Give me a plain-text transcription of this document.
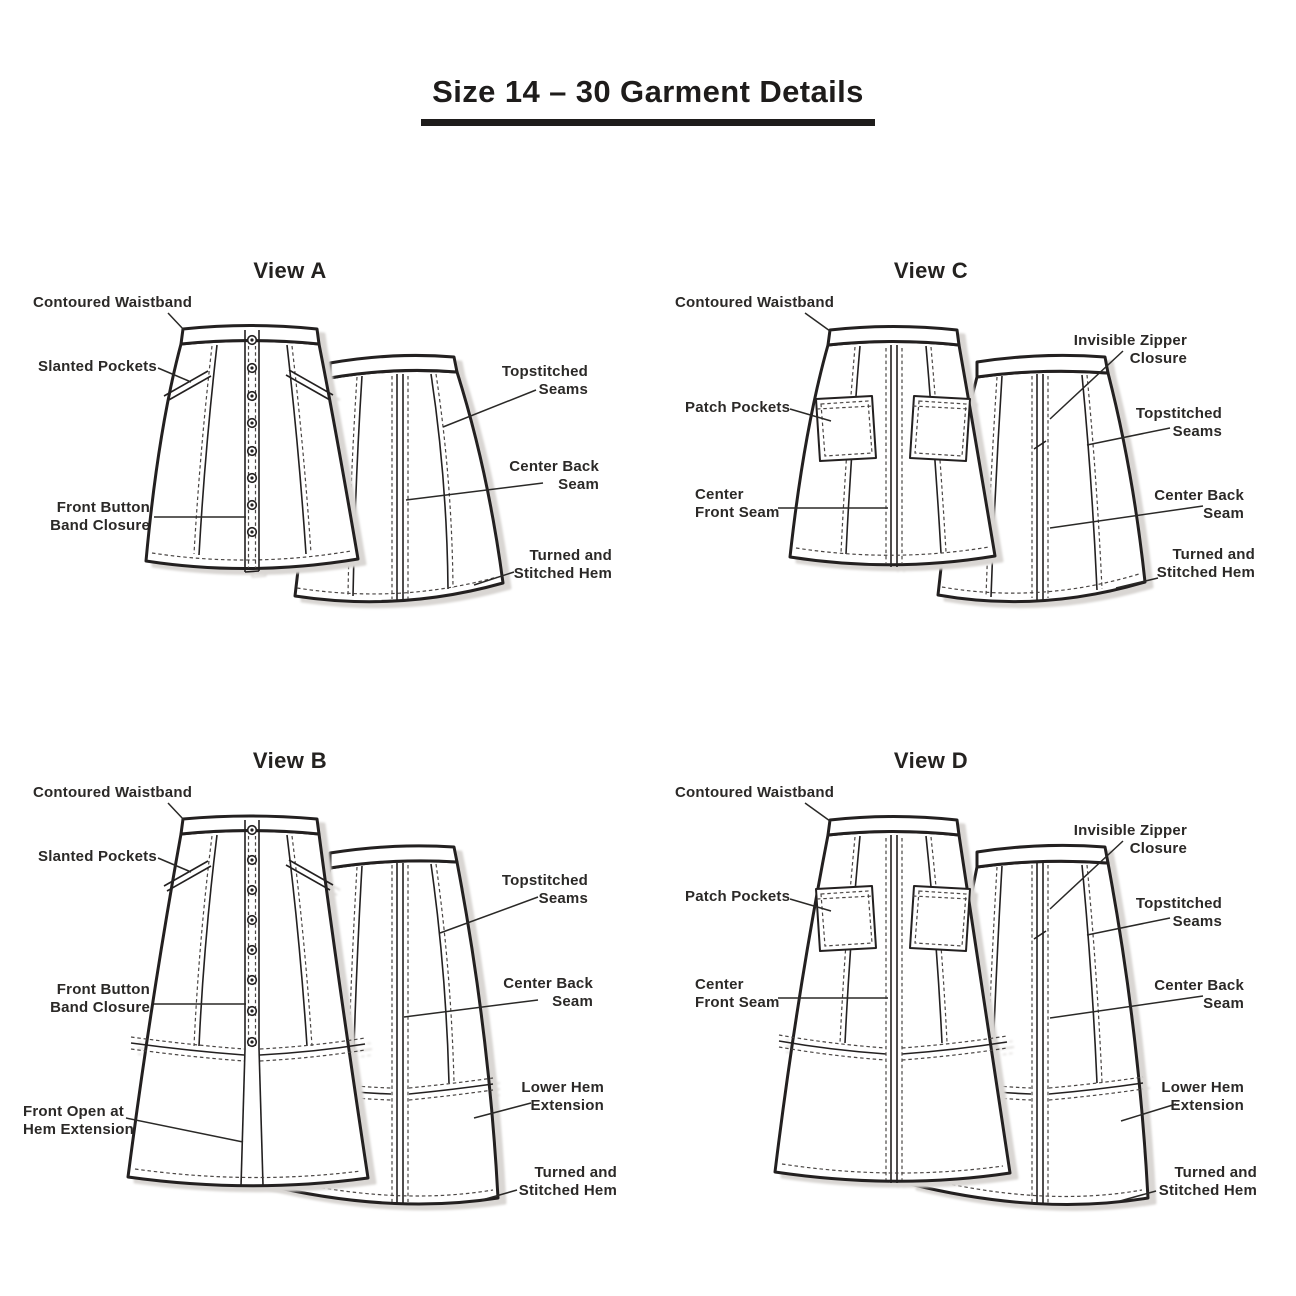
Size 14 – 30 Garment Details
View A	View C
View B	View D
Contoured Waistband
Slanted Pockets
Front Button
Band Closure
Topstitched
Seams
Center Back
Seam
Turned and
Stitched Hem
Contoured Waistband
Patch Pockets
Center
Front Seam
Invisible Zipper
Closure
Topstitched
Seams
Center Back
Seam
Turned and
Stitched Hem
Contoured Waistband
Slanted Pockets
Front Button
Band Closure
Front Open at
Hem Extension
Topstitched
Seams
Center Back
Seam
Lower Hem
Extension
Turned and
Stitched Hem
Contoured Waistband
Patch Pockets
Center
Front Seam
Invisible Zipper
Closure
Topstitched
Seams
Center Back
Seam
Lower Hem
Extension
Turned and
Stitched Hem
